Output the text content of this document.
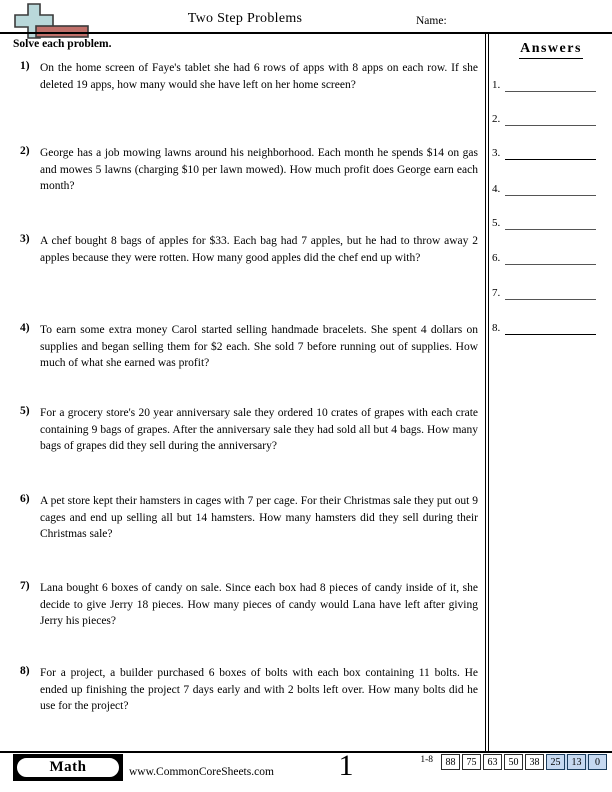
Two Step Problems	Name:
Solve each problem.	Answers
1.
2.
3.
4.
5.
6.
7.
8.
1) On the home screen of Faye's tablet she had 6 rows of apps with 8 apps on each row. If she deleted 19 apps, how many would she have left on her home screen?
2) George has a job mowing lawns around his neighborhood. Each month he spends $14 on gas and mowes 5 lawns (charging $10 per lawn mowed). How much profit does George earn each month?
3) A chef bought 8 bags of apples for $33. Each bag had 7 apples, but he had to throw away 2 apples because they were rotten. How many good apples did the chef end up with?
4) To earn some extra money Carol started selling handmade bracelets. She spent 4 dollars on supplies and began selling them for $2 each. She sold 7 before running out of supplies. How much of what she earned was profit?
5) For a grocery store's 20 year anniversary sale they ordered 10 crates of grapes with each crate containing 9 bags of grapes. After the anniversary sale they had sold all but 4 bags. How many bags of grapes did they sell during the anniversary?
6) A pet store kept their hamsters in cages with 7 per cage. For their Christmas sale they put out 9 cages and end up selling all but 14 hamsters. How many hamsters did they sell during their Christmas sale?
7) Lana bought 6 boxes of candy on sale. Since each box had 8 pieces of candy inside of it, she decide to give Jerry 18 pieces. How many pieces of candy would Lana have left after giving Jerry his pieces?
8) For a project, a builder purchased 6 boxes of bolts with each box containing 11 bolts. He ended up finishing the project 7 days early and with 2 bolts left over. How many bolts did he use for the project?
Math	www.CommonCoreSheets.com	1	1-8	88	75	63	50	38	25	13	0
